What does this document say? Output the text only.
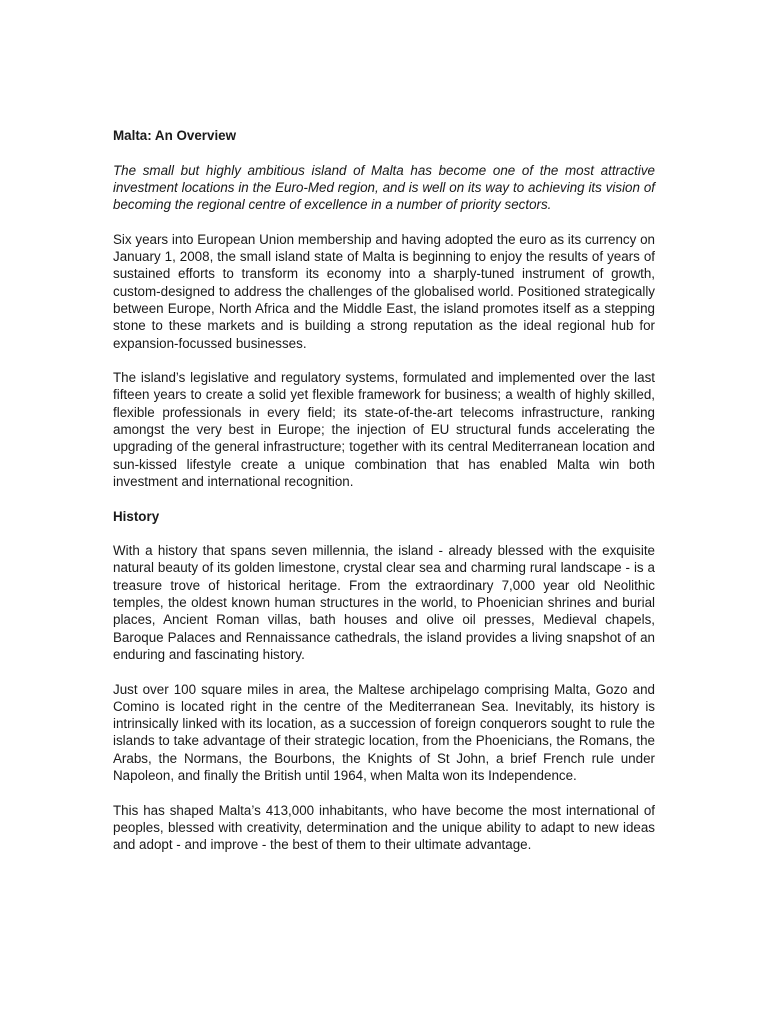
Malta: An Overview

The small but highly ambitious island of Malta has become one of the most attractive investment locations in the Euro-Med region, and is well on its way to achieving its vision of becoming the regional centre of excellence in a number of priority sectors.

Six years into European Union membership and having adopted the euro as its currency on January 1, 2008, the small island state of Malta is beginning to enjoy the results of years of sustained efforts to transform its economy into a sharply-tuned instrument of growth, custom-designed to address the challenges of the globalised world. Positioned strategically between Europe, North Africa and the Middle East, the island promotes itself as a stepping stone to these markets and is building a strong reputation as the ideal regional hub for expansion-focussed businesses.

The island’s legislative and regulatory systems, formulated and implemented over the last fifteen years to create a solid yet flexible framework for business; a wealth of highly skilled, flexible professionals in every field; its state-of-the-art telecoms infrastructure, ranking amongst the very best in Europe; the injection of EU structural funds accelerating the upgrading of the general infrastructure; together with its central Mediterranean location and sun-kissed lifestyle create a unique combination that has enabled Malta win both investment and international recognition.

History

With a history that spans seven millennia, the island - already blessed with the exquisite natural beauty of its golden limestone, crystal clear sea and charming rural landscape - is a treasure trove of historical heritage. From the extraordinary 7,000 year old Neolithic temples, the oldest known human structures in the world, to Phoenician shrines and burial places, Ancient Roman villas, bath houses and olive oil presses, Medieval chapels, Baroque Palaces and Rennaissance cathedrals, the island provides a living snapshot of an enduring and fascinating history.

Just over 100 square miles in area, the Maltese archipelago comprising Malta, Gozo and Comino is located right in the centre of the Mediterranean Sea. Inevitably, its history is intrinsically linked with its location, as a succession of foreign conquerors sought to rule the islands to take advantage of their strategic location, from the Phoenicians, the Romans, the Arabs, the Normans, the Bourbons, the Knights of St John, a brief French rule under Napoleon, and finally the British until 1964, when Malta won its Independence.

This has shaped Malta’s 413,000 inhabitants, who have become the most international of peoples, blessed with creativity, determination and the unique ability to adapt to new ideas and adopt - and improve - the best of them to their ultimate advantage.
